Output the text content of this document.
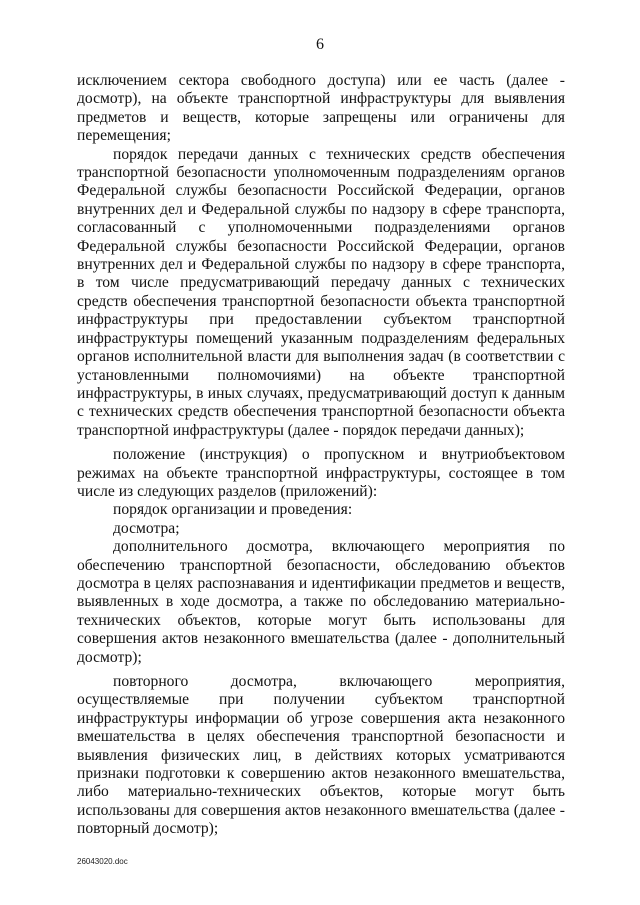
6

исключением сектора свободного доступа) или ее часть (далее - досмотр), на объекте транспортной инфраструктуры для выявления предметов и веществ, которые запрещены или ограничены для перемещения;

порядок передачи данных с технических средств обеспечения транспортной безопасности уполномоченным подразделениям органов Федеральной службы безопасности Российской Федерации, органов внутренних дел и Федеральной службы по надзору в сфере транспорта, согласованный с уполномоченными подразделениями органов Федеральной службы безопасности Российской Федерации, органов внутренних дел и Федеральной службы по надзору в сфере транспорта, в том числе предусматривающий передачу данных с технических средств обеспечения транспортной безопасности объекта транспортной инфраструктуры при предоставлении субъектом транспортной инфраструктуры помещений указанным подразделениям федеральных органов исполнительной власти для выполнения задач (в соответствии с установленными полномочиями) на объекте транспортной инфраструктуры, в иных случаях, предусматривающий доступ к данным с технических средств обеспечения транспортной безопасности объекта транспортной инфраструктуры (далее - порядок передачи данных);

положение (инструкция) о пропускном и внутриобъектовом режимах на объекте транспортной инфраструктуры, состоящее в том числе из следующих разделов (приложений):

порядок организации и проведения:

досмотра;

дополнительного досмотра, включающего мероприятия по обеспечению транспортной безопасности, обследованию объектов досмотра в целях распознавания и идентификации предметов и веществ, выявленных в ходе досмотра, а также по обследованию материально-технических объектов, которые могут быть использованы для совершения актов незаконного вмешательства (далее - дополнительный досмотр);

повторного досмотра, включающего мероприятия, осуществляемые при получении субъектом транспортной инфраструктуры информации об угрозе совершения акта незаконного вмешательства в целях обеспечения транспортной безопасности и выявления физических лиц, в действиях которых усматриваются признаки подготовки к совершению актов незаконного вмешательства, либо материально-технических объектов, которые могут быть использованы для совершения актов незаконного вмешательства (далее - повторный досмотр);

26043020.doc
